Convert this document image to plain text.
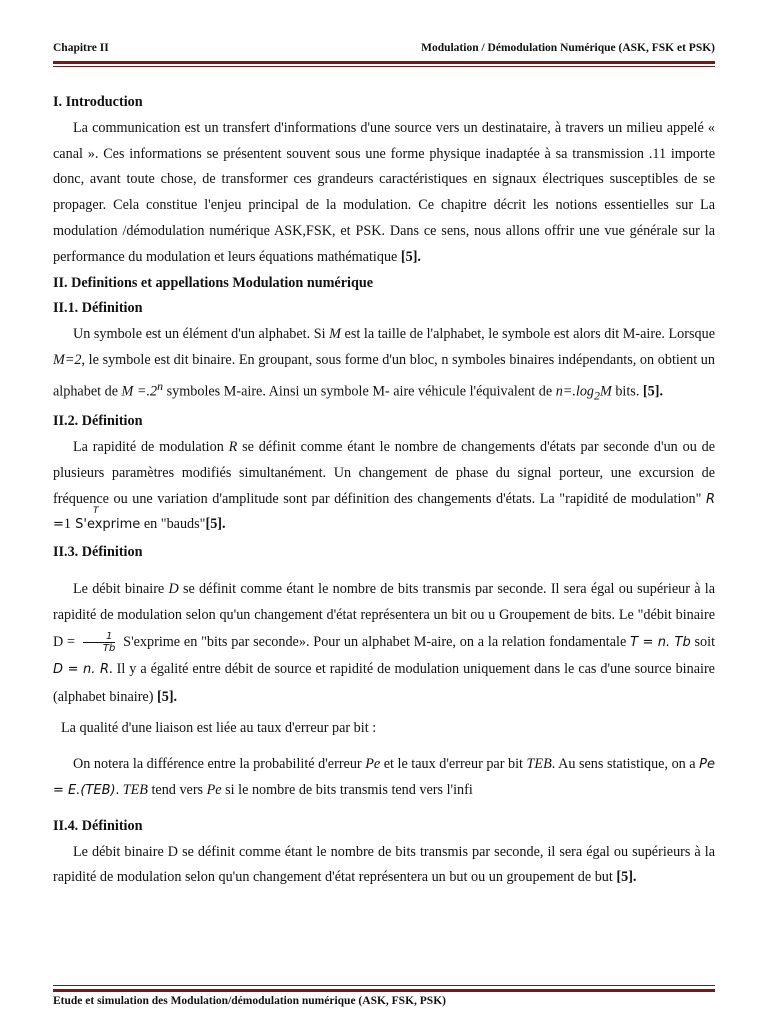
Chapitre II	Modulation / Démodulation Numérique (ASK, FSK et PSK)

I. Introduction

La communication est un transfert d'informations d'une source vers un destinataire, à travers un milieu appelé « canal ». Ces informations se présentent souvent sous une forme physique inadaptée à sa transmission .11 importe donc, avant toute chose, de transformer ces grandeurs caractéristiques en signaux électriques susceptibles de se propager. Cela constitue l'enjeu principal de la modulation. Ce chapitre décrit les notions essentielles sur La modulation /démodulation numérique ASK,FSK, et PSK. Dans ce sens, nous allons offrir une vue générale sur la performance du modulation et leurs équations mathématique [5].

II. Definitions et appellations Modulation numérique

II.1. Définition

Un symbole est un élément d'un alphabet. Si M est la taille de l'alphabet, le symbole est alors dit M-aire. Lorsque M=2, le symbole est dit binaire. En groupant, sous forme d'un bloc, n symboles binaires indépendants, on obtient un alphabet de $M =.2^n$ symboles M-aire. Ainsi un symbole M- aire véhicule l'équivalent de $n=.\log_2M$ bits. [5].

II.2. Définition

La rapidité de modulation R se définit comme étant le nombre de changements d'états par seconde d'un ou de plusieurs paramètres modifiés simultanément. Un changement de phase du signal porteur, une excursion de fréquence ou une variation d'amplitude sont par définition des changements d'états. La "rapidité de modulation" R =1
T
S'exprime en "bauds"[5].

II.3. Définition

Le débit binaire D se définit comme étant le nombre de bits transmis par seconde. Il sera égal ou supérieur à la rapidité de modulation selon qu'un changement d'état représentera un bit ou u Groupement de bits. Le "débit binaire $D = \frac{1}{Tb}$ S'exprime en "bits par seconde». Pour un alphabet M-aire, on a la relation fondamentale T = n. Tb soit D = n. R. Il y a égalité entre débit de source et rapidité de modulation uniquement dans le cas d'une source binaire (alphabet binaire) [5].

La qualité d'une liaison est liée au taux d'erreur par bit :

On notera la différence entre la probabilité d'erreur Pe et le taux d'erreur par bit TEB. Au sens statistique, on a Pe = E.(TEB). TEB tend vers Pe si le nombre de bits transmis tend vers l'infi

II.4. Définition

Le débit binaire D se définit comme étant le nombre de bits transmis par seconde, il sera égal ou supérieurs à la rapidité de modulation selon qu'un changement d'état représentera un but ou un groupement de but [5].

Etude et simulation des Modulation/démodulation numérique (ASK, FSK, PSK)
